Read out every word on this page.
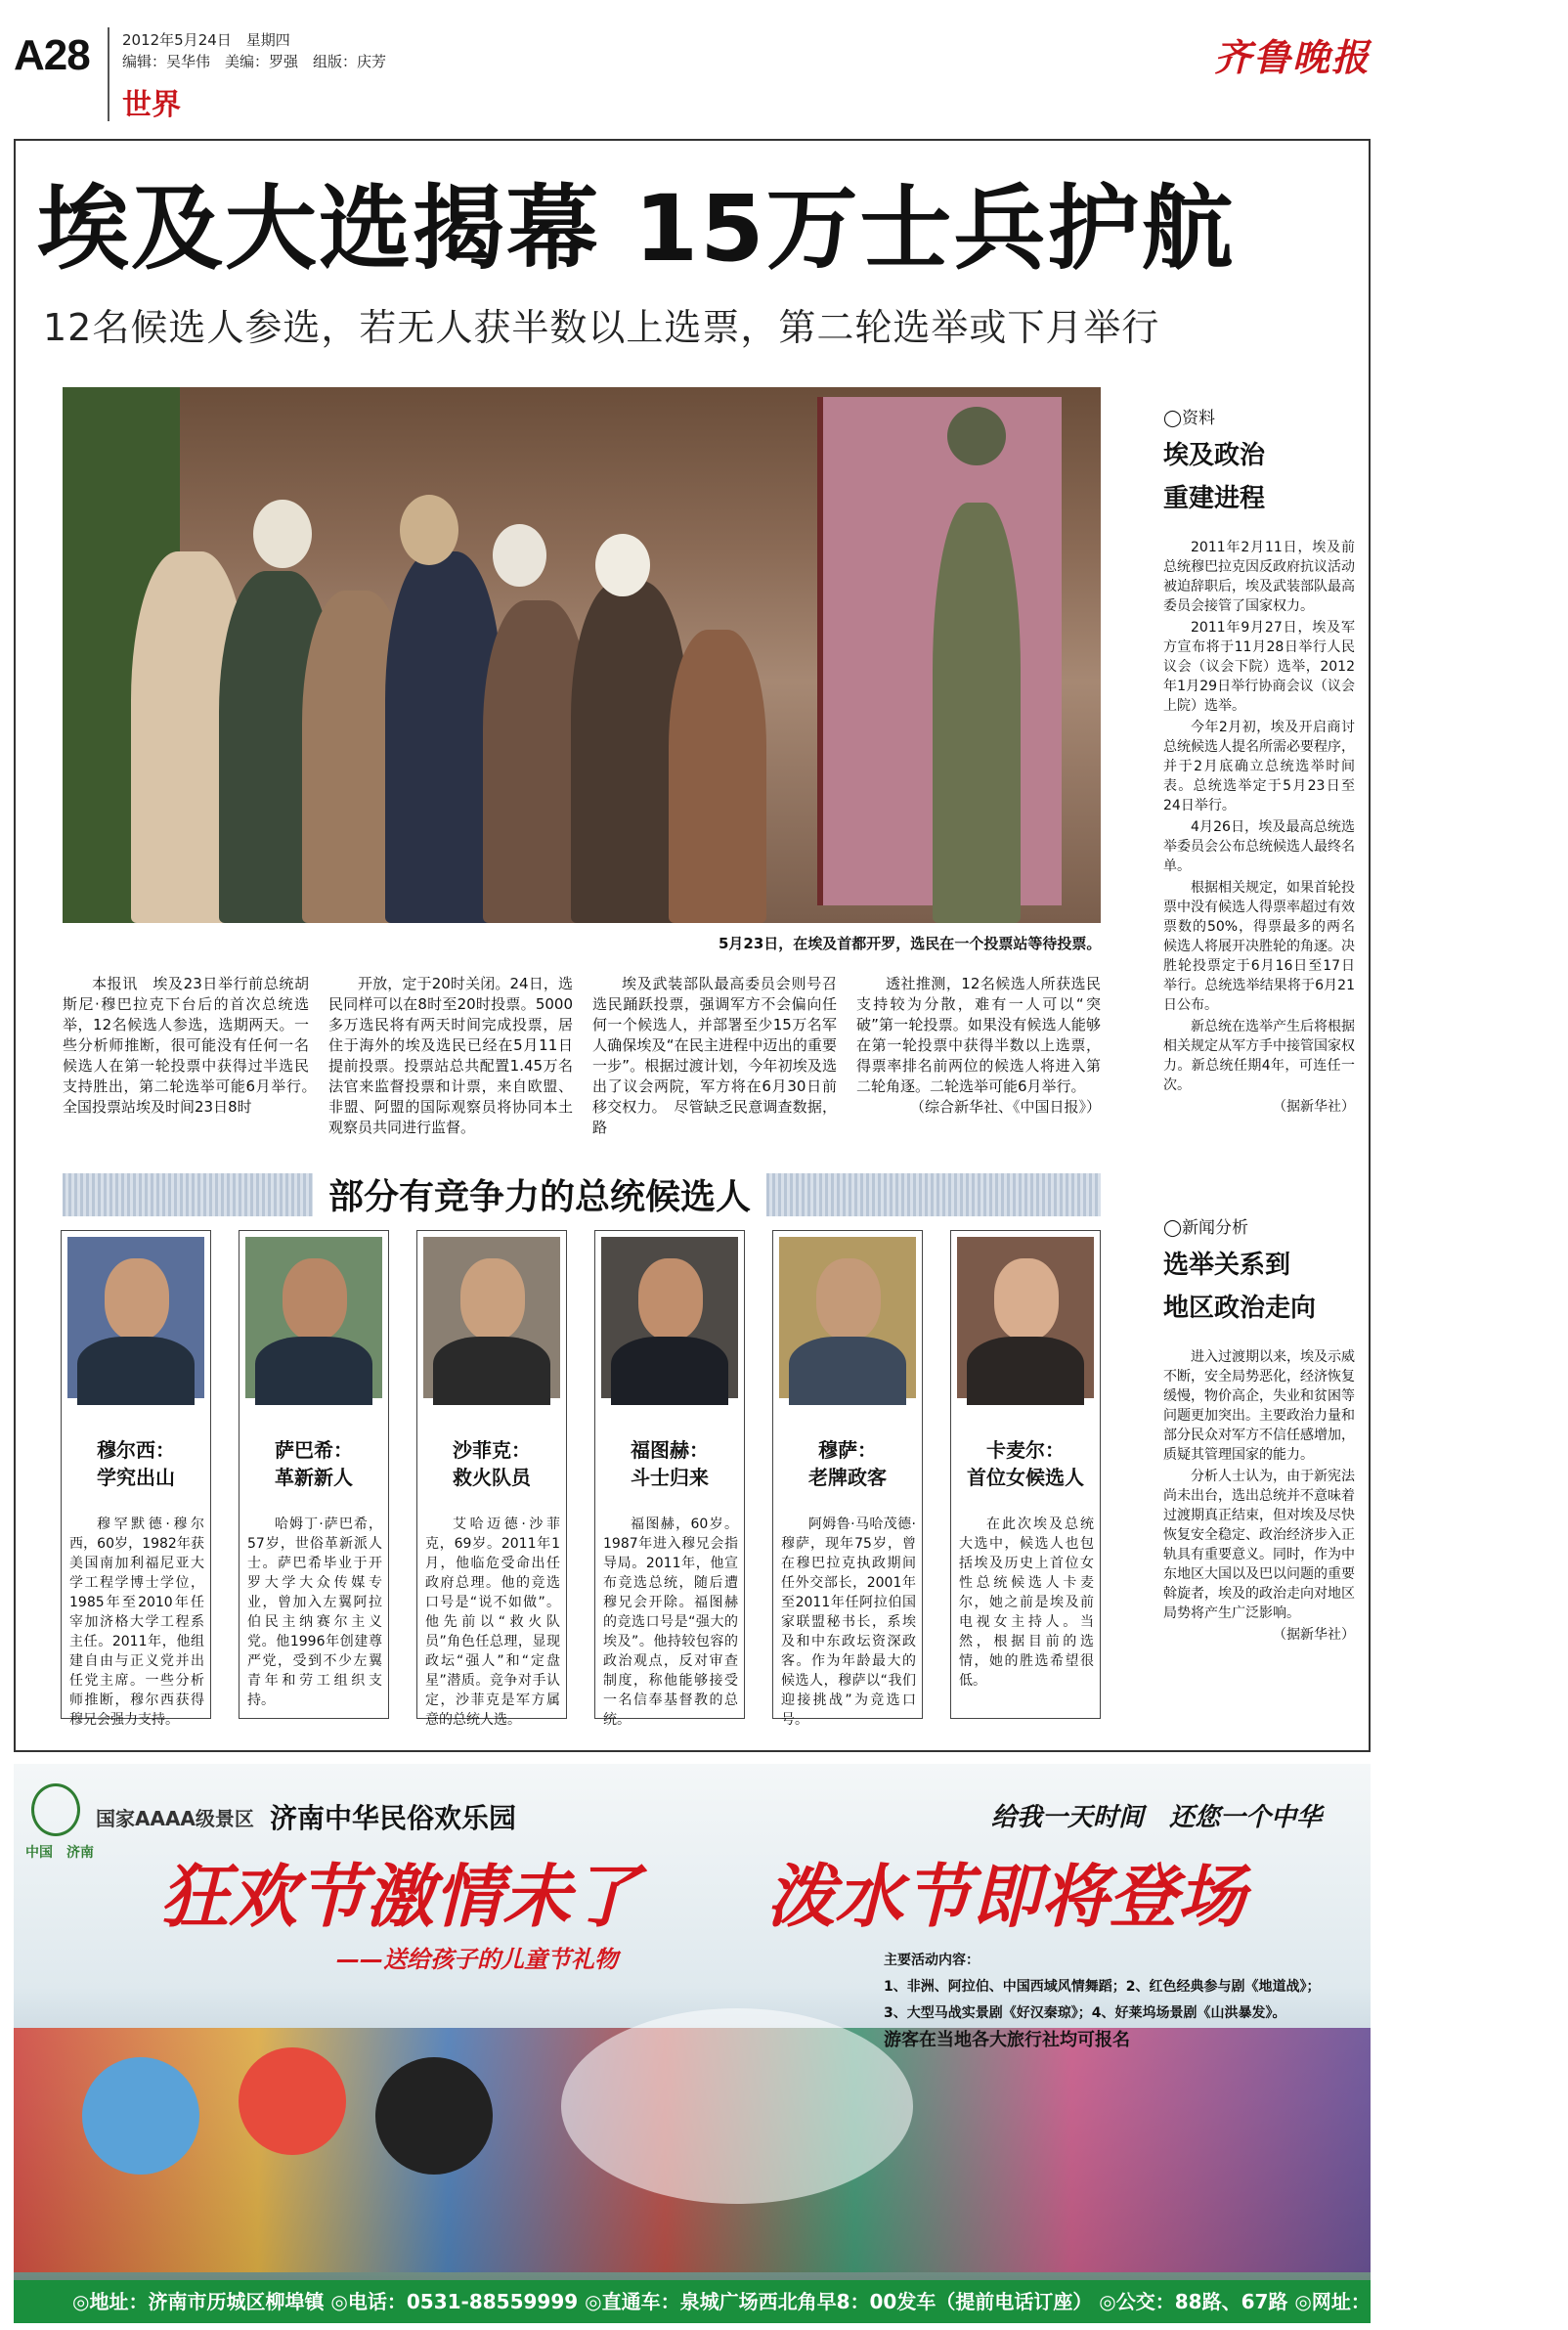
A28 2012年5月24日　星期四
编辑：吴华伟　美编：罗强　组版：庆芳
世界
齐鲁晚报
埃及大选揭幕 15万士兵护航
12名候选人参选，若无人获半数以上选票，第二轮选举或下月举行
5月23日，在埃及首都开罗，选民在一个投票站等待投票。

本报讯　埃及23日举行前总统胡斯尼·穆巴拉克下台后的首次总统选举，12名候选人参选，选期两天。一些分析师推断，很可能没有任何一名候选人在第一轮投票中获得过半选民支持胜出，第二轮选举可能6月举行。　全国投票站埃及时间23日8时

开放，定于20时关闭。24日，选民同样可以在8时至20时投票。5000多万选民将有两天时间完成投票，居住于海外的埃及选民已经在5月11日提前投票。投票站总共配置1.45万名法官来监督投票和计票，来自欧盟、非盟、阿盟的国际观察员将协同本土观察员共同进行监督。

埃及武装部队最高委员会则号召选民踊跃投票，强调军方不会偏向任何一个候选人，并部署至少15万名军人确保埃及“在民主进程中迈出的重要一步”。根据过渡计划，今年初埃及选出了议会两院，军方将在6月30日前移交权力。　尽管缺乏民意调查数据，路

透社推测，12名候选人所获选民支持较为分散，难有一人可以“突破”第一轮投票。如果没有候选人能够在第一轮投票中获得半数以上选票，得票率排名前两位的候选人将进入第二轮角逐。二轮选举可能6月举行。

（综合新华社、《中国日报》）
部分有竞争力的总统候选人
穆尔西：
学究出山
穆罕默德·穆尔西，60岁，1982年获美国南加利福尼亚大学工程学博士学位，1985年至2010年任宰加济格大学工程系主任。2011年，他组建自由与正义党并出任党主席。一些分析师推断，穆尔西获得穆兄会强力支持。
萨巴希：
革新新人
哈姆丁·萨巴希，57岁，世俗革新派人士。萨巴希毕业于开罗大学大众传媒专业，曾加入左翼阿拉伯民主纳赛尔主义党。他1996年创建尊严党，受到不少左翼青年和劳工组织支持。
沙菲克：
救火队员
艾哈迈德·沙菲克，69岁。2011年1月，他临危受命出任政府总理。他的竞选口号是“说不如做”。他先前以“救火队员”角色任总理，显现政坛“强人”和“定盘星”潜质。竞争对手认定，沙菲克是军方属意的总统人选。
福图赫：
斗士归来
福图赫，60岁。1987年进入穆兄会指导局。2011年，他宣布竞选总统，随后遭穆兄会开除。福图赫的竞选口号是“强大的埃及”。他持较包容的政治观点，反对审查制度，称他能够接受一名信奉基督教的总统。
穆萨：
老牌政客
阿姆鲁·马哈茂德·穆萨，现年75岁，曾在穆巴拉克执政期间任外交部长，2001年至2011年任阿拉伯国家联盟秘书长，系埃及和中东政坛资深政客。作为年龄最大的候选人，穆萨以“我们迎接挑战”为竞选口号。
卡麦尔：
首位女候选人
在此次埃及总统大选中，候选人也包括埃及历史上首位女性总统候选人卡麦尔，她之前是埃及前电视女主持人。当然，根据目前的选情，她的胜选希望很低。
◯资料
埃及政治
重建进程

2011年2月11日，埃及前总统穆巴拉克因反政府抗议活动被迫辞职后，埃及武装部队最高委员会接管了国家权力。

2011年9月27日，埃及军方宣布将于11月28日举行人民议会（议会下院）选举，2012年1月29日举行协商会议（议会上院）选举。

今年2月初，埃及开启商讨总统候选人提名所需必要程序，并于2月底确立总统选举时间表。总统选举定于5月23日至24日举行。

4月26日，埃及最高总统选举委员会公布总统候选人最终名单。

根据相关规定，如果首轮投票中没有候选人得票率超过有效票数的50%，得票最多的两名候选人将展开决胜轮的角逐。决胜轮投票定于6月16日至17日举行。总统选举结果将于6月21日公布。

新总统在选举产生后将根据相关规定从军方手中接管国家权力。新总统任期4年，可连任一次。

（据新华社）
◯新闻分析
选举关系到
地区政治走向

进入过渡期以来，埃及示威不断，安全局势恶化，经济恢复缓慢，物价高企，失业和贫困等问题更加突出。主要政治力量和部分民众对军方不信任感增加，质疑其管理国家的能力。

分析人士认为，由于新宪法尚未出台，选出总统并不意味着过渡期真正结束，但对埃及尽快恢复安全稳定、政治经济步入正轨具有重要意义。同时，作为中东地区大国以及巴以问题的重要斡旋者，埃及的政治走向对地区局势将产生广泛影响。

（据新华社）
中国　济南
国家AAAA级景区 济南中华民俗欢乐园	给我一天时间　还您一个中华
狂欢节激情未了 泼水节即将登场
——送给孩子的儿童节礼物	主要活动内容：
1、非洲、阿拉伯、中国西域风情舞蹈；2、红色经典参与剧《地道战》；
3、大型马战实景剧《好汉秦琼》；4、好莱坞场景剧《山洪暴发》。
游客在当地各大旅行社均可报名
◎地址：济南市历城区柳埠镇 ◎电话：0531-88559999 ◎直通车：泉城广场西北角早8：00发车（提前电话订座） ◎公交：88路、67路 ◎网址：www.9dingta.com
